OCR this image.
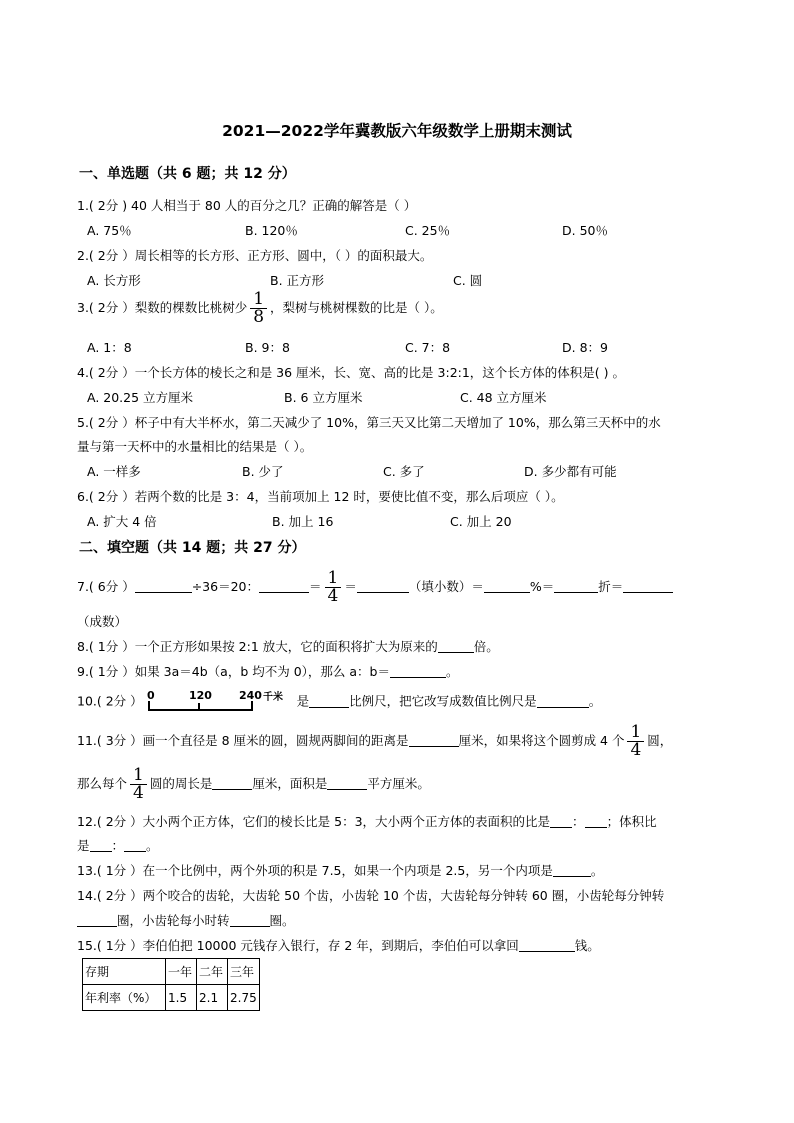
2021—2022学年冀教版六年级数学上册期末测试
一、单选题（共 6 题；共 12 分）
1.( 2分 ) 40 人相当于 80 人的百分之几？正确的解答是（ ）
A. 75％	B. 120％	C. 25％	D. 50％
2.( 2分 ）周长相等的长方形、正方形、圆中，（ ）的面积最大。
A. 长方形	B. 正方形	C. 圆
3.( 2分 ）梨数的棵数比桃树少 $\frac{1}{8}$ ，梨树与桃树棵数的比是（ ）。
A. 1：8	B. 9：8	C. 7：8	D. 8：9
4.( 2分 ）一个长方体的棱长之和是 36 厘米，长、宽、高的比是 3:2:1，这个长方体的体积是( ) 。
A. 20.25 立方厘米	B. 6 立方厘米	C. 48 立方厘米
5.( 2分 ）杯子中有大半杯水，第二天减少了 10%，第三天又比第二天增加了 10%，那么第三天杯中的水
量与第一天杯中的水量相比的结果是（ ）。
A. 一样多	B. 少了	C. 多了	D. 多少都有可能
6.( 2分 ）若两个数的比是 3：4，当前项加上 12 时，要使比值不变，那么后项应（ ）。
A. 扩大 4 倍	B. 加上 16	C. 加上 20
二、填空题（共 14 题；共 27 分）
7.( 6分 ）	÷36＝20：	＝ $\frac{1}{4}$ ＝	（填小数）＝	%＝	折＝
（成数）
8.( 1分 ）一个正方形如果按 2:1 放大，它的面积将扩大为原来的	倍。
9.( 1分 ）如果 3a＝4b（a，b 均不为 0），那么 a：b＝	。
10.( 2分 ） 0	120 240 千米 是	比例尺，把它改写成数值比例尺是	。
11.( 3分 ）画一个直径是 8 厘米的圆，圆规两脚间的距离是	厘米，如果将这个圆剪成 4 个 $\frac{1}{4}$ 圆，
那么每个 $\frac{1}{4}$ 圆的周长是	厘米，面积是	平方厘米。
12.( 2分 ）大小两个正方体，它们的棱长比是 5：3，大小两个正方体的表面积的比是 ： ；体积比
是 ： 。
13.( 1分 ）在一个比例中，两个外项的积是 7.5，如果一个内项是 2.5，另一个内项是	。
14.( 2分 ）两个咬合的齿轮，大齿轮 50 个齿，小齿轮 10 个齿，大齿轮每分钟转 60 圈，小齿轮每分钟转
圈，小齿轮每小时转	圈。
15.( 1分 ）李伯伯把 10000 元钱存入银行，存 2 年，到期后，李伯伯可以拿回	钱。
存期	一年	二年	三年
年利率（%）	1.5	2.1	2.75
